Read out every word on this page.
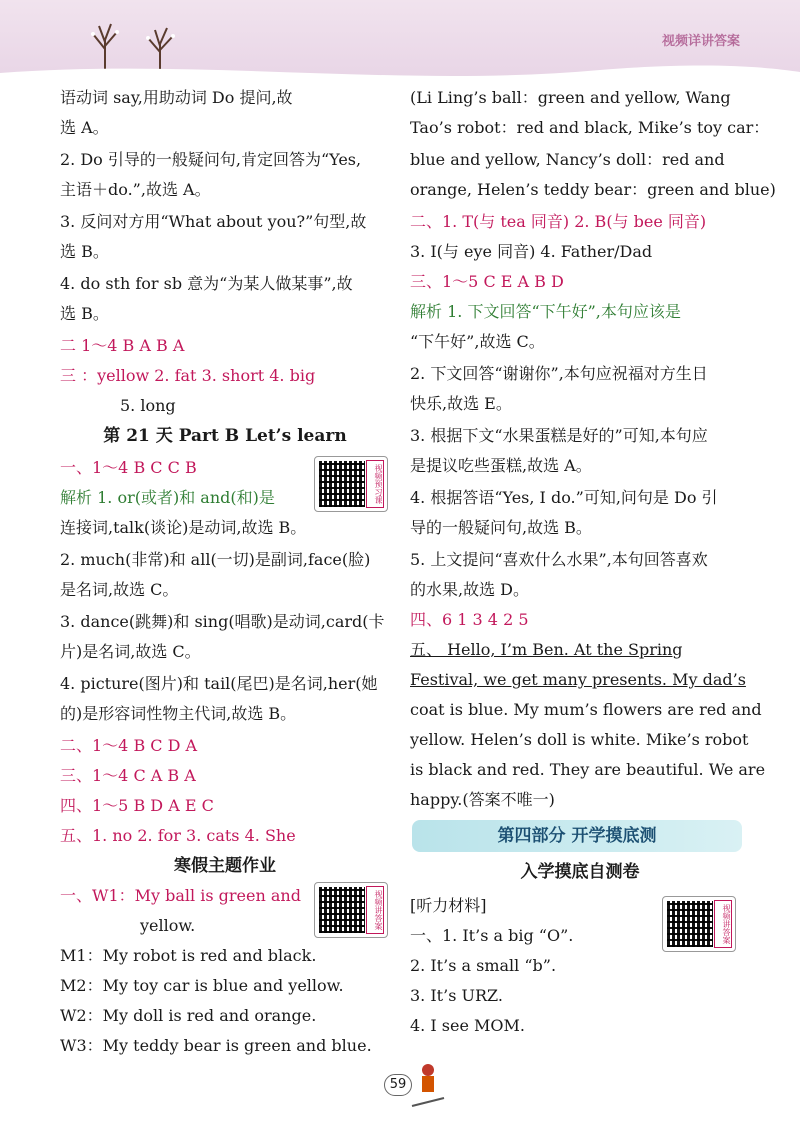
视频详讲答案
语动词 say,用助动词 Do 提问,故
选 A。
2. Do 引导的一般疑问句,肯定回答为“Yes,
主语＋do.”,故选 A。
3. 反问对方用“What about you?”句型,故
选 B。
4. do sth for sb 意为“为某人做某事”,故
选 B。
二 1～4 B A B A
三 ：yellow 2. fat 3. short 4. big
5. long
第 21 天 Part B Let’s learn
一、1～4 B C C B
解析 1. or(或者)和 and(和)是
连接词,talk(谈论)是动词,故选 B。
2. much(非常)和 all(一切)是副词,face(脸)
是名词,故选 C。
3. dance(跳舞)和 sing(唱歌)是动词,card(卡
片)是名词,故选 C。
4. picture(图片)和 tail(尾巴)是名词,her(她
的)是形容词性物主代词,故选 B。
二、1～4 B C D A
三、1～4 C A B A
四、1～5 B D A E C
五、1. no 2. for 3. cats 4. She
寒假主题作业
一、W1：My ball is green and
yellow.
M1：My robot is red and black.
M2：My toy car is blue and yellow.
W2：My doll is red and orange.
W3：My teddy bear is green and blue.
视频预习课
视频讲答案
(Li Ling’s ball：green and yellow, Wang
Tao’s robot：red and black, Mike’s toy car：
blue and yellow, Nancy’s doll：red and
orange, Helen’s teddy bear：green and blue)
二、1. T(与 tea 同音) 2. B(与 bee 同音)
3. I(与 eye 同音) 4. Father/Dad
三、1～5 C E A B D
解析 1. 下文回答“下午好”,本句应该是
“下午好”,故选 C。
2. 下文回答“谢谢你”,本句应祝福对方生日
快乐,故选 E。
3. 根据下文“水果蛋糕是好的”可知,本句应
是提议吃些蛋糕,故选 A。
4. 根据答语“Yes, I do.”可知,问句是 Do 引
导的一般疑问句,故选 B。
5. 上文提问“喜欢什么水果”,本句回答喜欢
的水果,故选 D。
四、6 1 3 4 2 5
五、 Hello, I’m Ben. At the Spring
Festival, we get many presents. My dad’s
coat is blue. My mum’s flowers are red and
yellow. Helen’s doll is white. Mike’s robot
is black and red. They are beautiful. We are
happy.(答案不唯一)
入学摸底自测卷
[听力材料]
一、1. It’s a big “O”.
2. It’s a small “b”.
3. It’s URZ.
4. I see MOM.
第四部分 开学摸底测
视频讲答案
59
